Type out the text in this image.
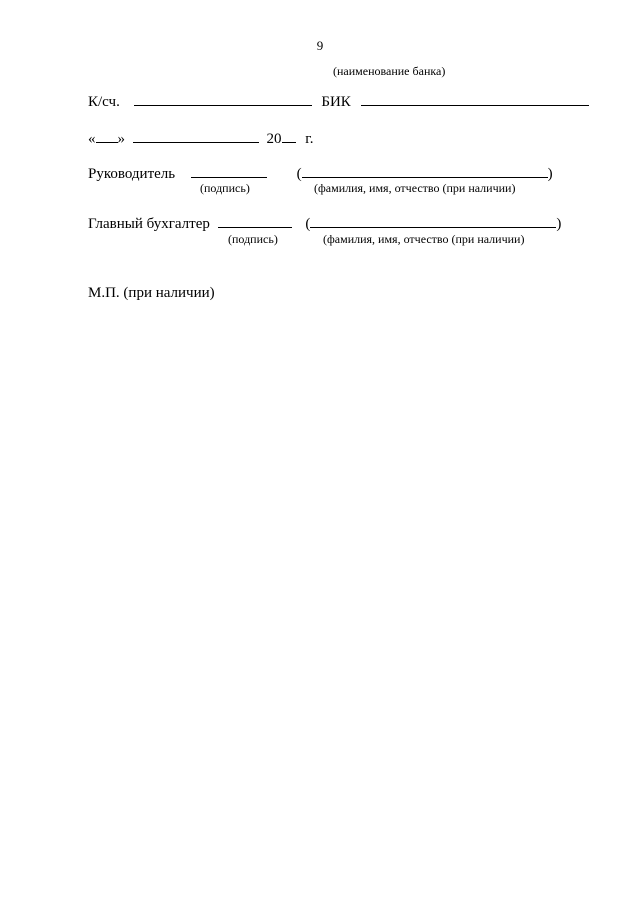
9
(наименование банка)
К/сч.	БИК
« »	20 г.
Руководитель	(	)
(подпись)	(фамилия, имя, отчество (при наличии)
Главный бухгалтер	(	)
(подпись)	(фамилия, имя, отчество (при наличии)
М.П. (при наличии)
